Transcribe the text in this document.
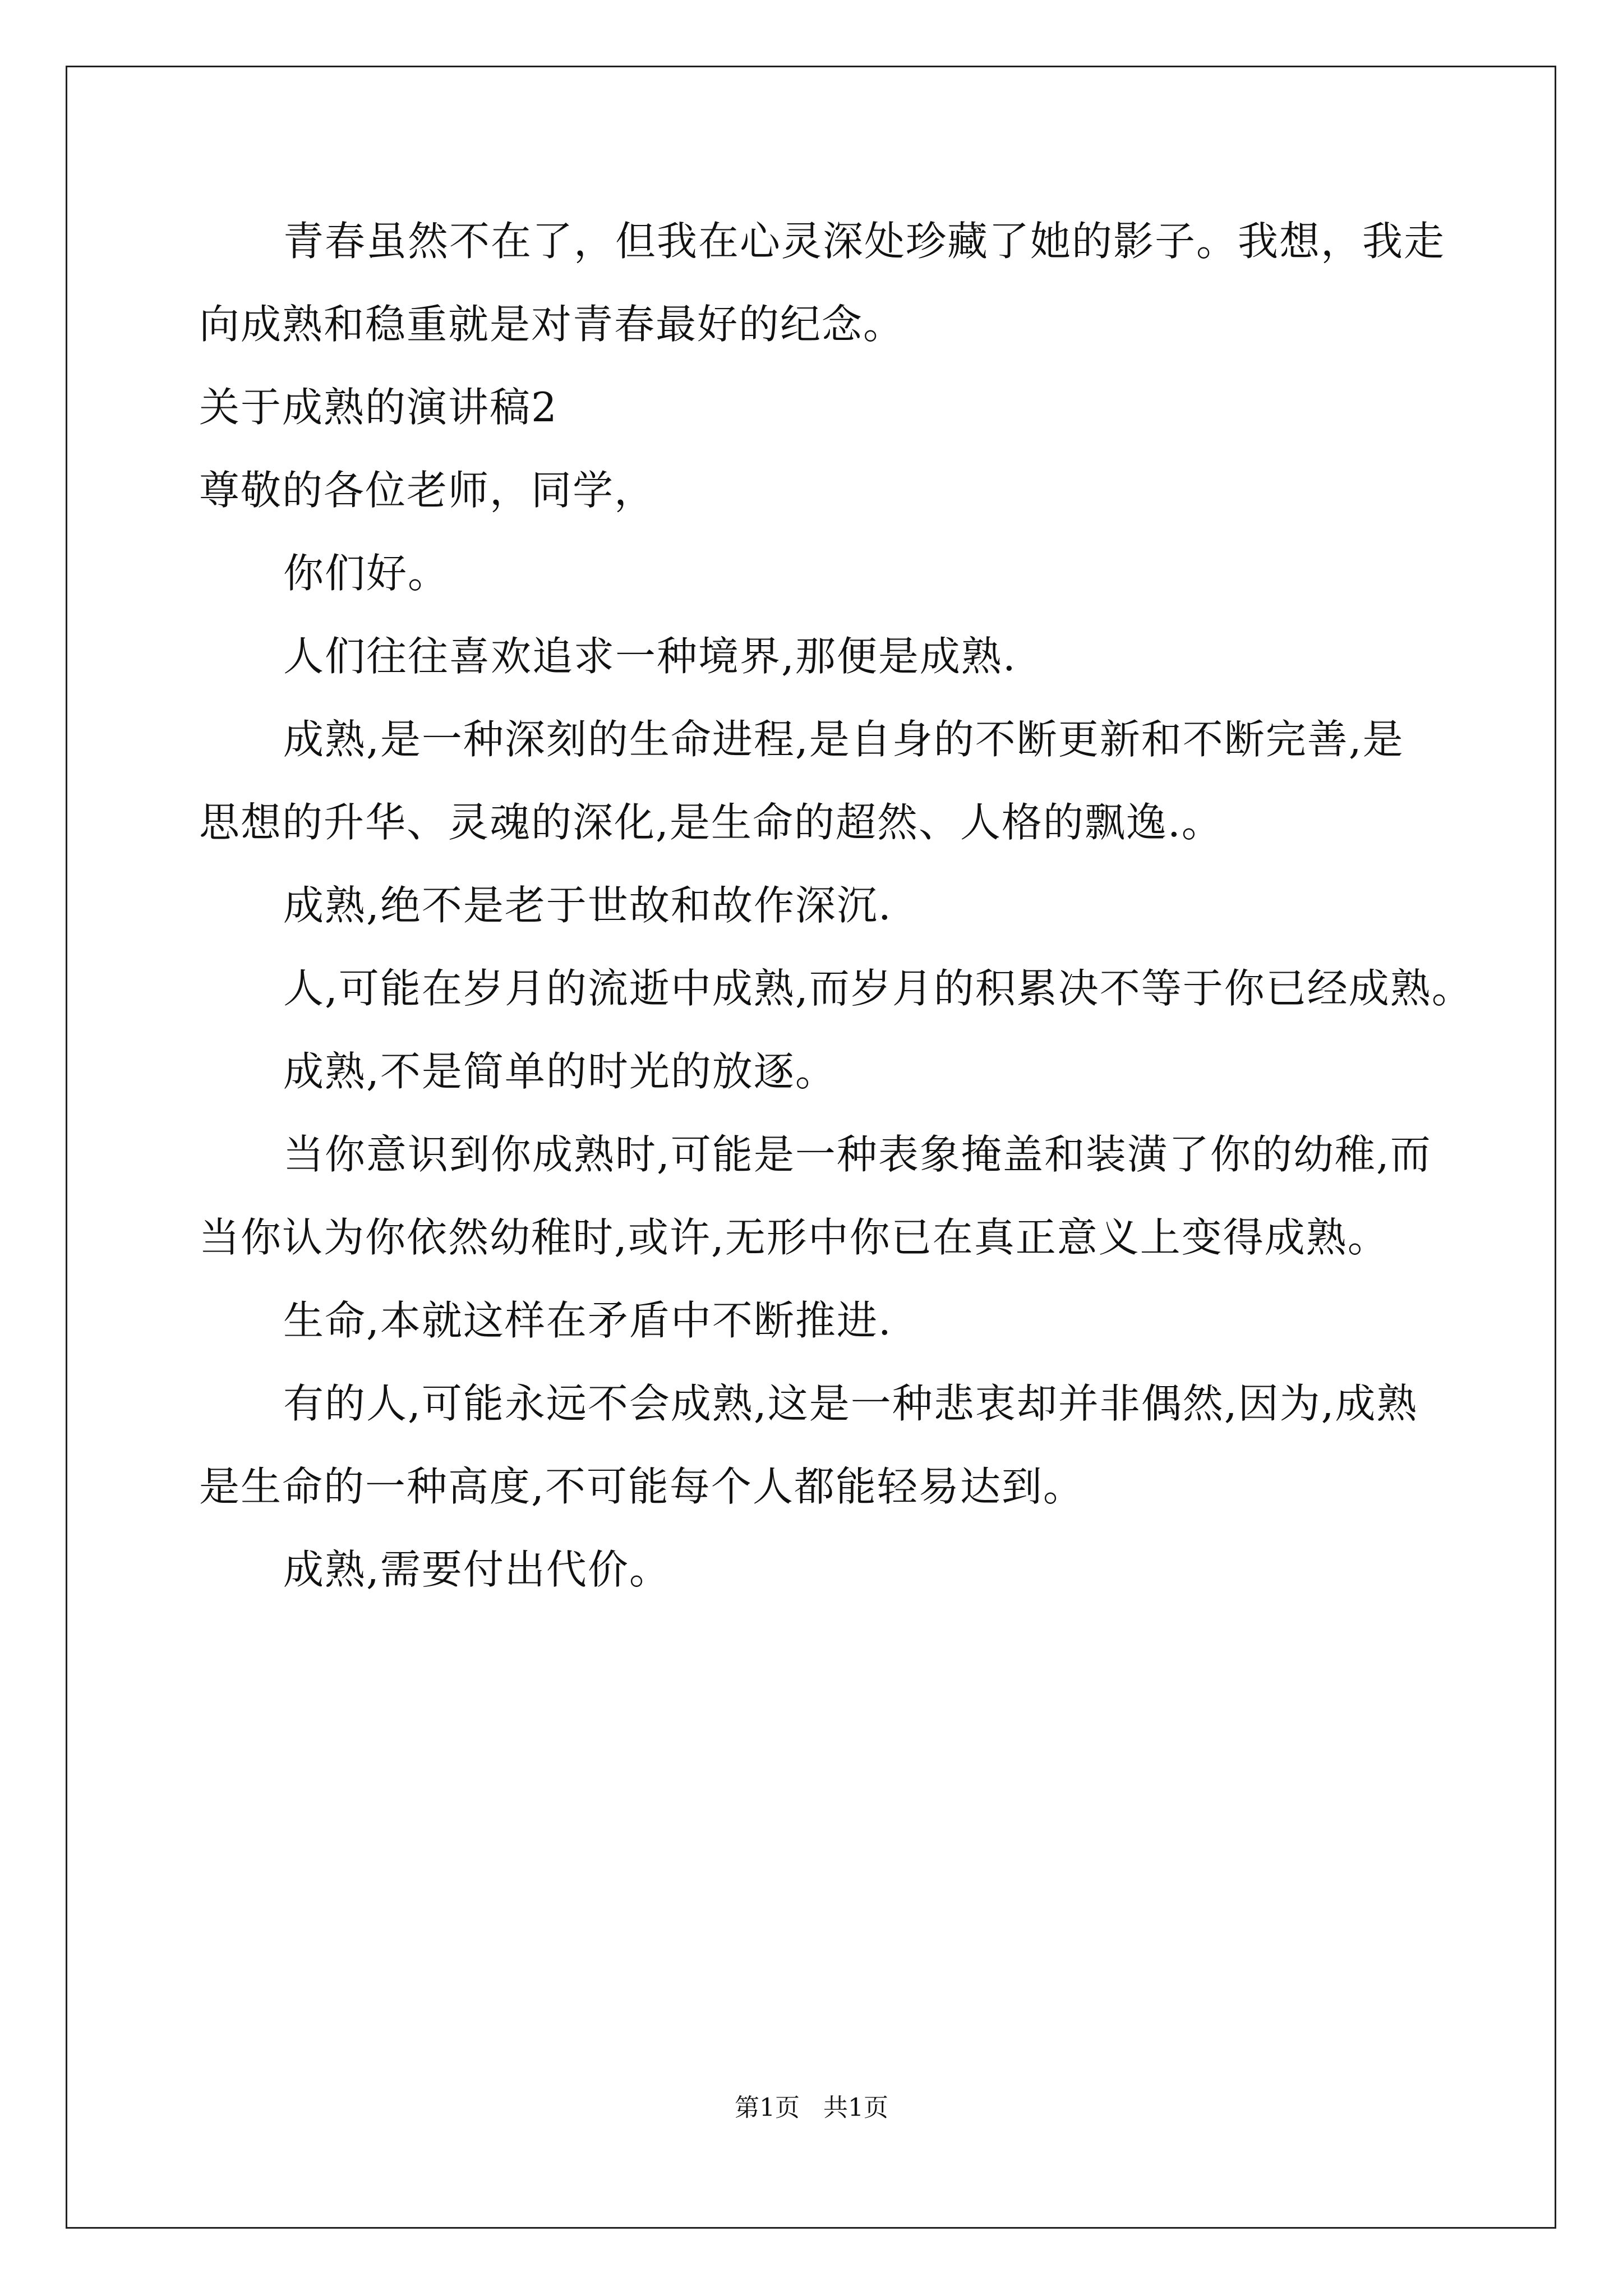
青春虽然不在了，但我在心灵深处珍藏了她的影子。我想，我走
向成熟和稳重就是对青春最好的纪念。
关于成熟的演讲稿2
尊敬的各位老师，同学，
你们好。
人们往往喜欢追求一种境界,那便是成熟.
成熟,是一种深刻的生命进程,是自身的不断更新和不断完善,是
思想的升华、灵魂的深化,是生命的超然、人格的飘逸.。
成熟,绝不是老于世故和故作深沉.
人,可能在岁月的流逝中成熟,而岁月的积累决不等于你已经成熟。
成熟,不是简单的时光的放逐。
当你意识到你成熟时,可能是一种表象掩盖和装潢了你的幼稚,而
当你认为你依然幼稚时,或许,无形中你已在真正意义上变得成熟。
生命,本就这样在矛盾中不断推进.
有的人,可能永远不会成熟,这是一种悲衷却并非偶然,因为,成熟
是生命的一种高度,不可能每个人都能轻易达到。
成熟,需要付出代价。
第1页   共1页
